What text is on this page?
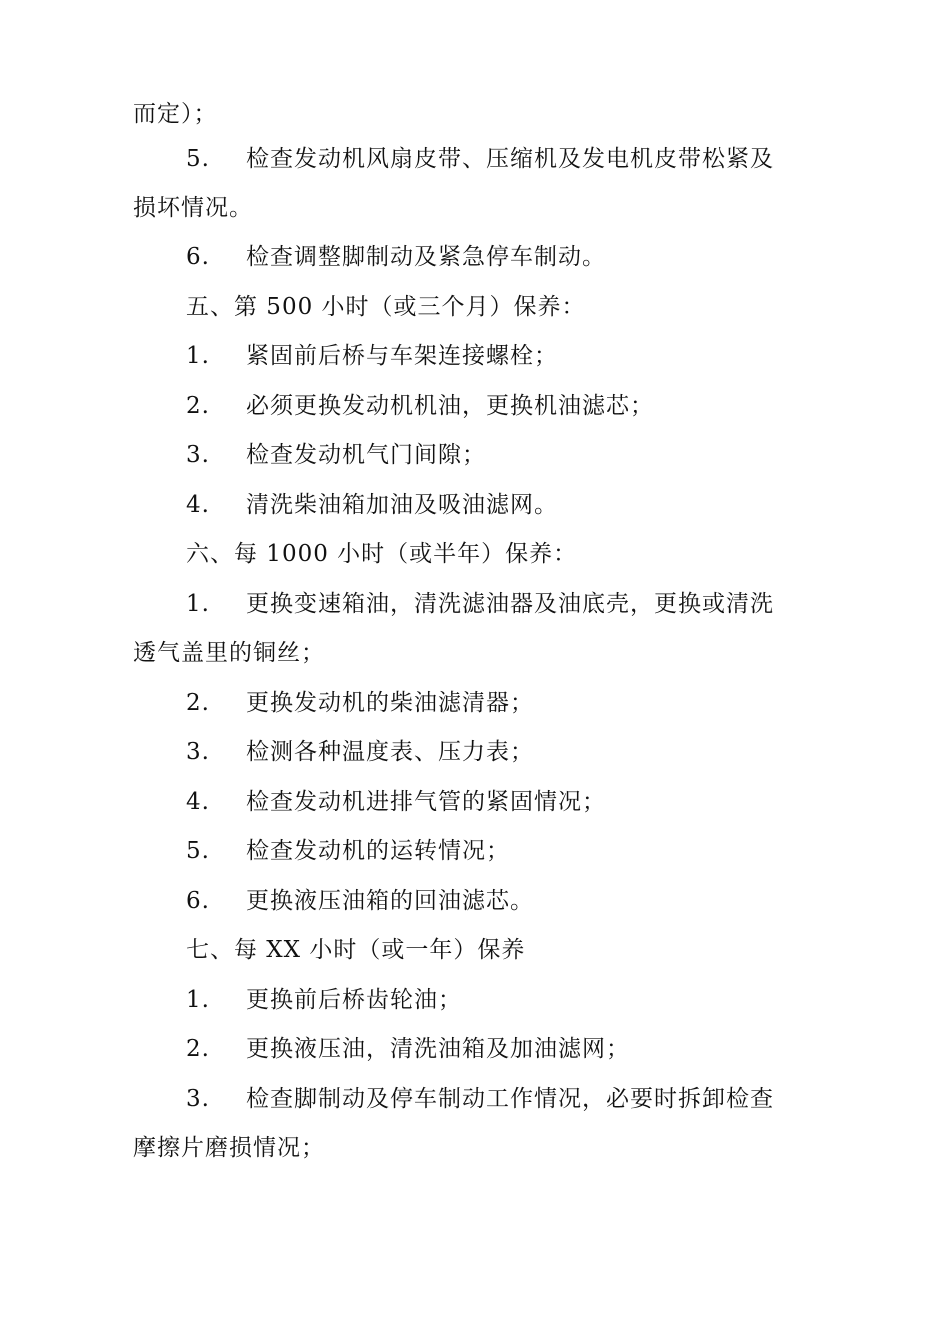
而定）；
5. 检查发动机风扇皮带、压缩机及发电机皮带松紧及
损坏情况。
6. 检查调整脚制动及紧急停车制动。
五、第 500 小时（或三个月）保养：
1. 紧固前后桥与车架连接螺栓；
2. 必须更换发动机机油，更换机油滤芯；
3. 检查发动机气门间隙；
4. 清洗柴油箱加油及吸油滤网。
六、每 1000 小时（或半年）保养：
1. 更换变速箱油，清洗滤油器及油底壳，更换或清洗
透气盖里的铜丝；
2. 更换发动机的柴油滤清器；
3. 检测各种温度表、压力表；
4. 检查发动机进排气管的紧固情况；
5. 检查发动机的运转情况；
6. 更换液压油箱的回油滤芯。
七、每 XX 小时（或一年）保养
1. 更换前后桥齿轮油；
2. 更换液压油，清洗油箱及加油滤网；
3. 检查脚制动及停车制动工作情况，必要时拆卸检查
摩擦片磨损情况；
